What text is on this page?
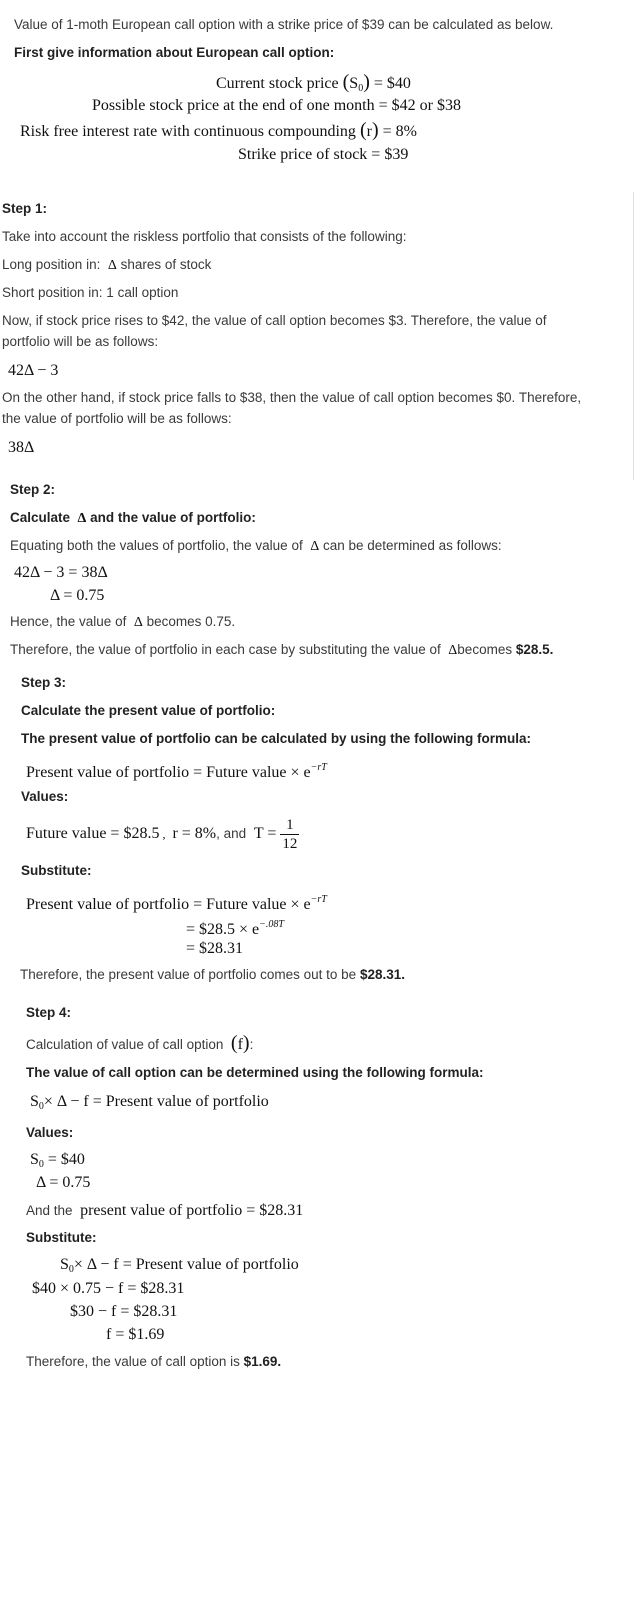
Value of 1-moth European call option with a strike price of $39 can be calculated as below.
First give information about European call option:
Current stock price $(S_0)$ = $40
Possible stock price at the end of one month = $42 or $38
Risk free interest rate with continuous compounding (r) = 8%
Strike price of stock = $39
Step 1:
Take into account the riskless portfolio that consists of the following:
Long position in: Δ shares of stock
Short position in: 1 call option
Now, if stock price rises to $42, the value of call option becomes $3. Therefore, the value of
portfolio will be as follows:
42Δ − 3
On the other hand, if stock price falls to $38, then the value of call option becomes $0. Therefore,
the value of portfolio will be as follows:
38Δ
Step 2:
Calculate Δ and the value of portfolio:
Equating both the values of portfolio, the value of Δ can be determined as follows:
42Δ − 3 = 38Δ
Δ = 0.75
Hence, the value of Δ becomes 0.75.
Therefore, the value of portfolio in each case by substituting the value of Δbecomes $28.5.
Step 3:
Calculate the present value of portfolio:
The present value of portfolio can be calculated by using the following formula:
Present value of portfolio = Future value × $e^{-rT}$
Values:
Future value = $28.5 ,  r = 8%, and $T = \frac{1}{12}$
Substitute:
Present value of portfolio = Future value × $e^{-rT}$
= $28.5 × $e^{-.08T}$
= $28.31
Therefore, the present value of portfolio comes out to be $28.31.
Step 4:
Calculation of value of call option (f):
The value of call option can be determined using the following formula:
$S_0\times \Delta - f$ = Present value of portfolio
Values:
$S_0$ = $40
Δ = 0.75
And the present value of portfolio = $28.31
Substitute:
$S_0\times \Delta - f$ = Present value of portfolio
$40 × 0.75 − f = $28.31
$30 − f = $28.31
f = $1.69
Therefore, the value of call option is $1.69.
